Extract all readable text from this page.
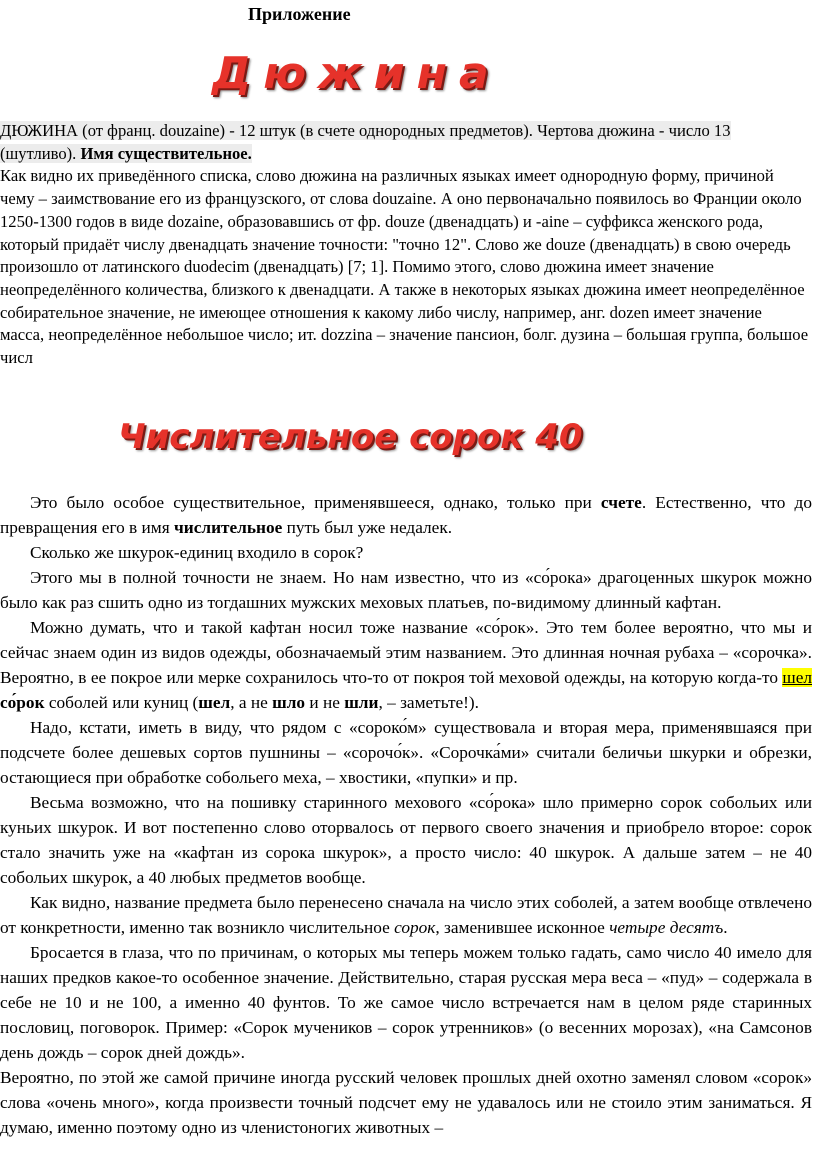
Приложение
Дюжина
ДЮЖИНА (от франц. douzaine) - 12 штук (в счете однородных предметов). Чертова дюжина - число 13 (шутливо). Имя существительное.
Как видно их приведённого списка, слово дюжина на различных языках имеет однородную форму, причиной чему – заимствование его из французского, от слова douzaine. А оно первоначально появилось во Франции около 1250-1300 годов в виде dozaine, образовавшись от фр. douze (двенадцать) и -aine – суффикса женского рода, который придаёт числу двенадцать значение точности: "точно 12". Слово же douze (двенадцать) в свою очередь произошло от латинского duodecim (двенадцать) [7; 1]. Помимо этого, слово дюжина имеет значение неопределённого количества, близкого к двенадцати. А также в некоторых языках дюжина имеет неопределённое собирательное значение, не имеющее отношения к какому либо числу, например, анг. dozen имеет значение масса, неопределённое небольшое число; ит. dozzina – значение пансион, болг. дузина – большая группа, большое числ
Числительное сорок 40

Это было особое существительное, применявшееся, однако, только при счете. Естественно, что до превращения его в имя числительное путь был уже недалек.

Сколько же шкурок-единиц входило в сорок?

Этого мы в полной точности не знаем. Но нам известно, что из «со́рока» драгоценных шкурок можно было как раз сшить одно из тогдашних мужских меховых платьев, по-видимому длинный кафтан.

Можно думать, что и такой кафтан носил тоже название «со́рок». Это тем более вероятно, что мы и сейчас знаем один из видов одежды, обозначаемый этим названием. Это длинная ночная рубаха – «сорочка». Вероятно, в ее покрое или мерке сохранилось что-то от покроя той меховой одежды, на которую когда-то шел со́рок соболей или куниц (шел, а не шло и не шли, – заметьте!).

Надо, кстати, иметь в виду, что рядом с «сороко́м» существовала и вторая мера, применявшаяся при подсчете более дешевых сортов пушнины – «сорочо́к». «Сорочка́ми» считали беличьи шкурки и обрезки, остающиеся при обработке собольего меха, – хвостики, «пупки» и пр.

Весьма возможно, что на пошивку старинного мехового «со́рока» шло примерно сорок собольих или куньих шкурок. И вот постепенно слово оторвалось от первого своего значения и приобрело второе: сорок стало значить уже на «кафтан из сорока шкурок», а просто число: 40 шкурок. А дальше затем – не 40 собольих шкурок, а 40 любых предметов вообще.

Как видно, название предмета было перенесено сначала на число этих соболей, а затем вообще отвлечено от конкретности, именно так возникло числительное сорок, заменившее исконное четыре десятъ.

Бросается в глаза, что по причинам, о которых мы теперь можем только гадать, само число 40 имело для наших предков какое-то особенное значение. Действительно, старая русская мера веса – «пуд» – содержала в себе не 10 и не 100, а именно 40 фунтов. То же самое число встречается нам в целом ряде старинных пословиц, поговорок. Пример: «Сорок мучеников – сорок утренников» (о весенних морозах), «на Самсонов день дождь – сорок дней дождь».

Вероятно, по этой же самой причине иногда русский человек прошлых дней охотно заменял словом «сорок» слова «очень много», когда произвести точный подсчет ему не удавалось или не стоило этим заниматься. Я думаю, именно поэтому одно из членистоногих животных –
